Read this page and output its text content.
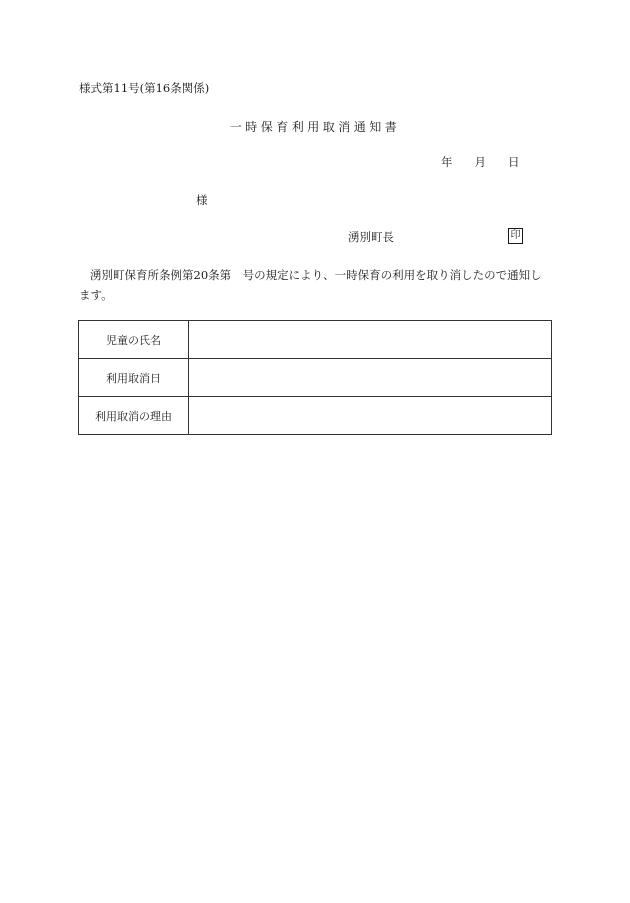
様式第11号(第16条関係)
一時保育利用取消通知書
年 月 日
様
湧別町長	印
湧別町保育所条例第20条第　号の規定により、一時保育の利用を取り消したので通知します。
児童の氏名	
利用取消日	
利用取消の理由	
